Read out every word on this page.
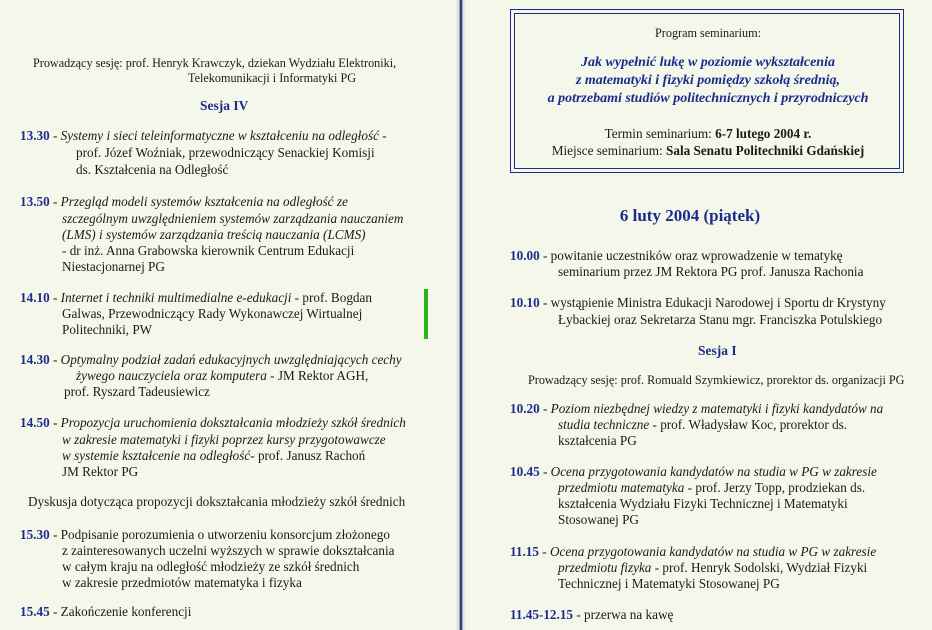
Prowadzący sesję: prof. Henryk Krawczyk, dziekan Wydziału Elektroniki,
Telekomunikacji i Informatyki PG
Sesja IV
13.30 - Systemy i sieci teleinformatyczne w kształceniu na odległość -
prof. Józef Woźniak, przewodniczący Senackiej Komisji
ds. Kształcenia na Odległość
13.50 - Przegląd modeli systemów kształcenia na odległość ze
szczególnym uwzględnieniem systemów zarządzania nauczaniem
(LMS) i systemów zarządzania treścią nauczania (LCMS)
- dr inż. Anna Grabowska kierownik Centrum Edukacji
Niestacjonarnej PG
14.10 - Internet i techniki multimedialne e-edukacji - prof. Bogdan
Galwas, Przewodniczący Rady Wykonawczej Wirtualnej
Politechniki, PW
14.30 - Optymalny podział zadań edukacyjnych uwzględniających cechy
żywego nauczyciela oraz komputera - JM Rektor AGH,
prof. Ryszard Tadeusiewicz
14.50 - Propozycja uruchomienia dokształcania młodzieży szkół średnich
w zakresie matematyki i fizyki poprzez kursy przygotowawcze
w systemie kształcenie na odległość- prof. Janusz Rachoń
JM Rektor PG
Dyskusja dotycząca propozycji dokształcania młodzieży szkół średnich
15.30 - Podpisanie porozumienia o utworzeniu konsorcjum złożonego
z zainteresowanych uczelni wyższych w sprawie dokształcania
w całym kraju na odległość młodzieży ze szkół średnich
w zakresie przedmiotów matematyka i fizyka
15.45 - Zakończenie konferencji
Program seminarium:
Jak wypełnić lukę w poziomie wykształcenia
z matematyki i fizyki pomiędzy szkołą średnią,
a potrzebami studiów politechnicznych i przyrodniczych
Termin seminarium: 6-7 lutego 2004 r.
Miejsce seminarium: Sala Senatu Politechniki Gdańskiej
6 luty 2004 (piątek)
10.00 - powitanie uczestników oraz wprowadzenie w tematykę
seminarium przez JM Rektora PG prof. Janusza Rachonia
10.10 - wystąpienie Ministra Edukacji Narodowej i Sportu dr Krystyny
Łybackiej oraz Sekretarza Stanu mgr. Franciszka Potulskiego
Sesja I
Prowadzący sesję: prof. Romuald Szymkiewicz, prorektor ds. organizacji PG
10.20 - Poziom niezbędnej wiedzy z matematyki i fizyki kandydatów na
studia techniczne - prof. Władysław Koc, prorektor ds.
kształcenia PG
10.45 - Ocena przygotowania kandydatów na studia w PG w zakresie
przedmiotu matematyka - prof. Jerzy Topp, prodziekan ds.
kształcenia Wydziału Fizyki Technicznej i Matematyki
Stosowanej PG
11.15 - Ocena przygotowania kandydatów na studia w PG w zakresie
przedmiotu fizyka - prof. Henryk Sodolski, Wydział Fizyki
Technicznej i Matematyki Stosowanej PG
11.45-12.15 - przerwa na kawę
